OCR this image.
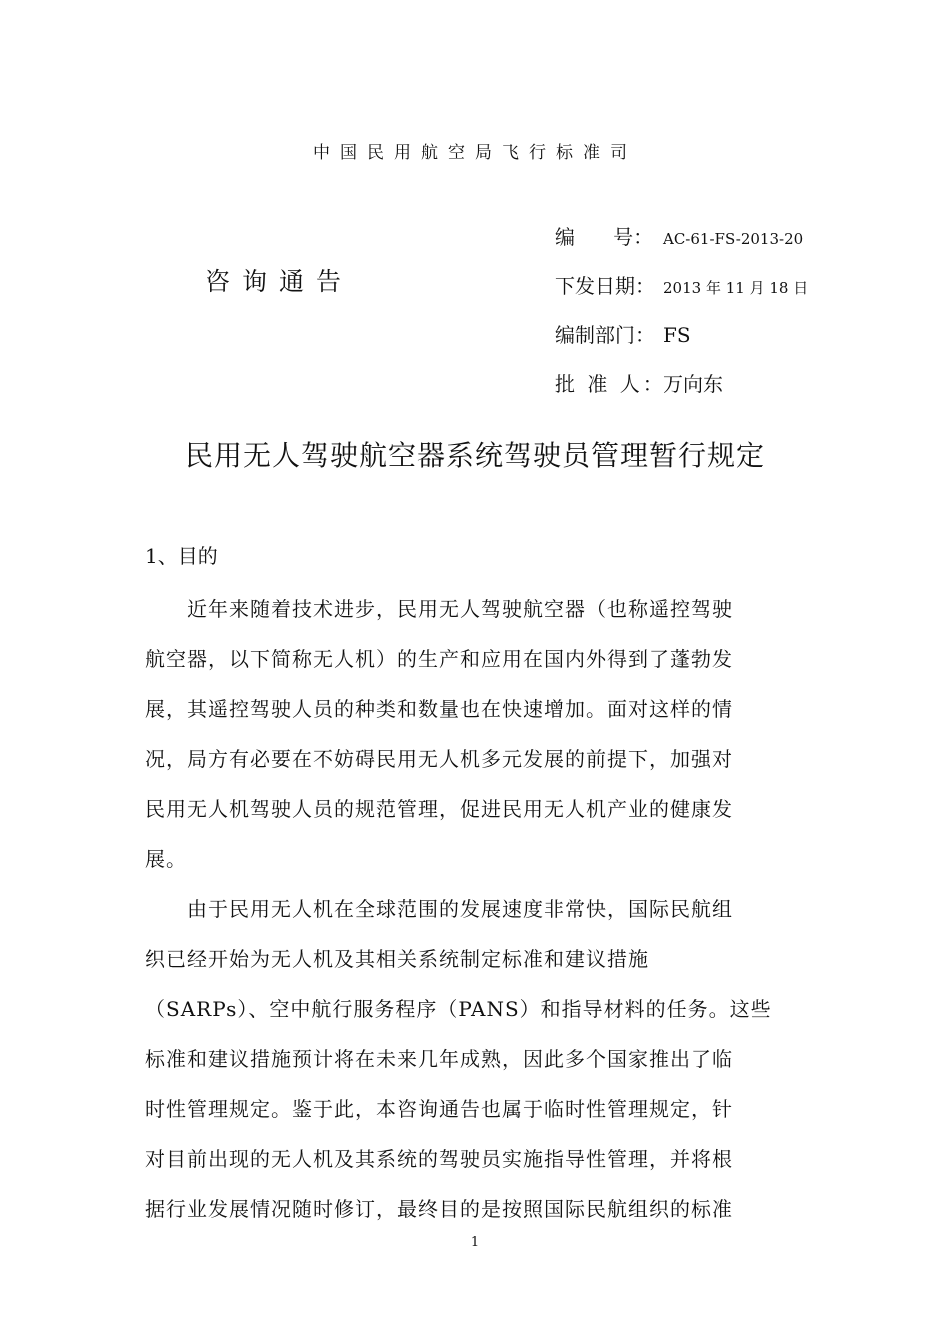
中国民用航空局飞行标准司
咨询通告
编      号： AC-61-FS-2013-20
下发日期： 2013 年 11 月 18 日
编制部门： FS
批 准 人：万向东
民用无人驾驶航空器系统驾驶员管理暂行规定
1、目的
近年来随着技术进步，民用无人驾驶航空器（也称遥控驾驶
航空器，以下简称无人机）的生产和应用在国内外得到了蓬勃发
展，其遥控驾驶人员的种类和数量也在快速增加。面对这样的情
况，局方有必要在不妨碍民用无人机多元发展的前提下，加强对
民用无人机驾驶人员的规范管理，促进民用无人机产业的健康发
展。
由于民用无人机在全球范围的发展速度非常快，国际民航组
织已经开始为无人机及其相关系统制定标准和建议措施
（SARPs）、空中航行服务程序（PANS）和指导材料的任务。这些
标准和建议措施预计将在未来几年成熟，因此多个国家推出了临
时性管理规定。鉴于此，本咨询通告也属于临时性管理规定，针
对目前出现的无人机及其系统的驾驶员实施指导性管理，并将根
据行业发展情况随时修订，最终目的是按照国际民航组织的标准
1
